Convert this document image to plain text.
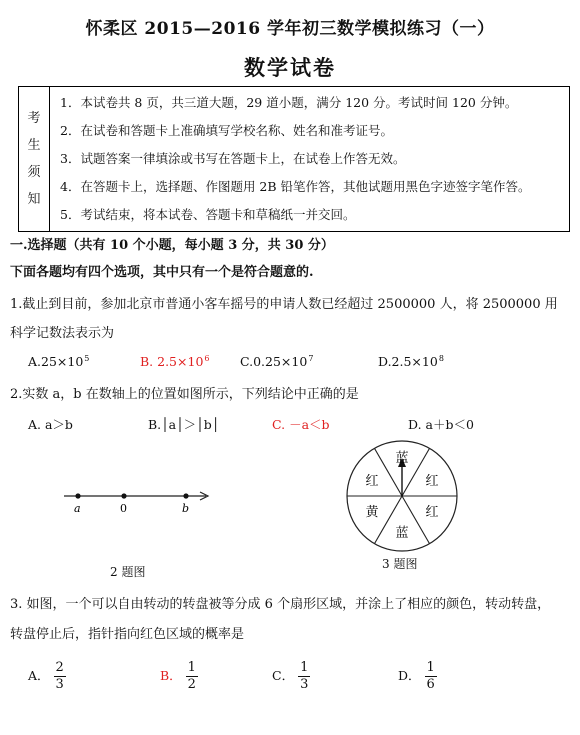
怀柔区 2015—2016 学年初三数学模拟练习（一）
数学试卷
考
生
须
知

1．本试卷共 8 页，共三道大题，29 道小题，满分 120 分。考试时间 120 分钟。
2．在试卷和答题卡上准确填写学校名称、姓名和准考证号。
3．试题答案一律填涂或书写在答题卡上，在试卷上作答无效。
4．在答题卡上，选择题、作图题用 2B 铅笔作答，其他试题用黑色字迹签字笔作答。
5．考试结束，将本试卷、答题卡和草稿纸一并交回。
一.选择题（共有 10 个小题，每小题 3 分，共 30 分）
下面各题均有四个选项，其中只有一个是符合题意的.
1.截止到目前，参加北京市普通小客车摇号的申请人数已经超过 2500000 人，将 2500000 用
科学记数法表示为
$A.25\times 10^5$	B. $2.5\times 10^6$ $C.0.25\times 10^7$	$D.2.5\times 10^8$
2.实数 a，b 在数轴上的位置如图所示，下列结论中正确的是
A. a＞b	B.│a│＞│b│	C. －a＜b	D. a＋b＜0
a	0	b
2 题图
蓝
红
红
蓝
黄
红
3 题图
3. 如图，一个可以自由转动的转盘被等分成 6 个扇形区域，并涂上了相应的颜色，转动转盘，
转盘停止后，指针指向红色区域的概率是
A． $\frac{2}{3}$	B． $\frac{1}{2}$	C． $\frac{1}{3}$	D． $\frac{1}{6}$
